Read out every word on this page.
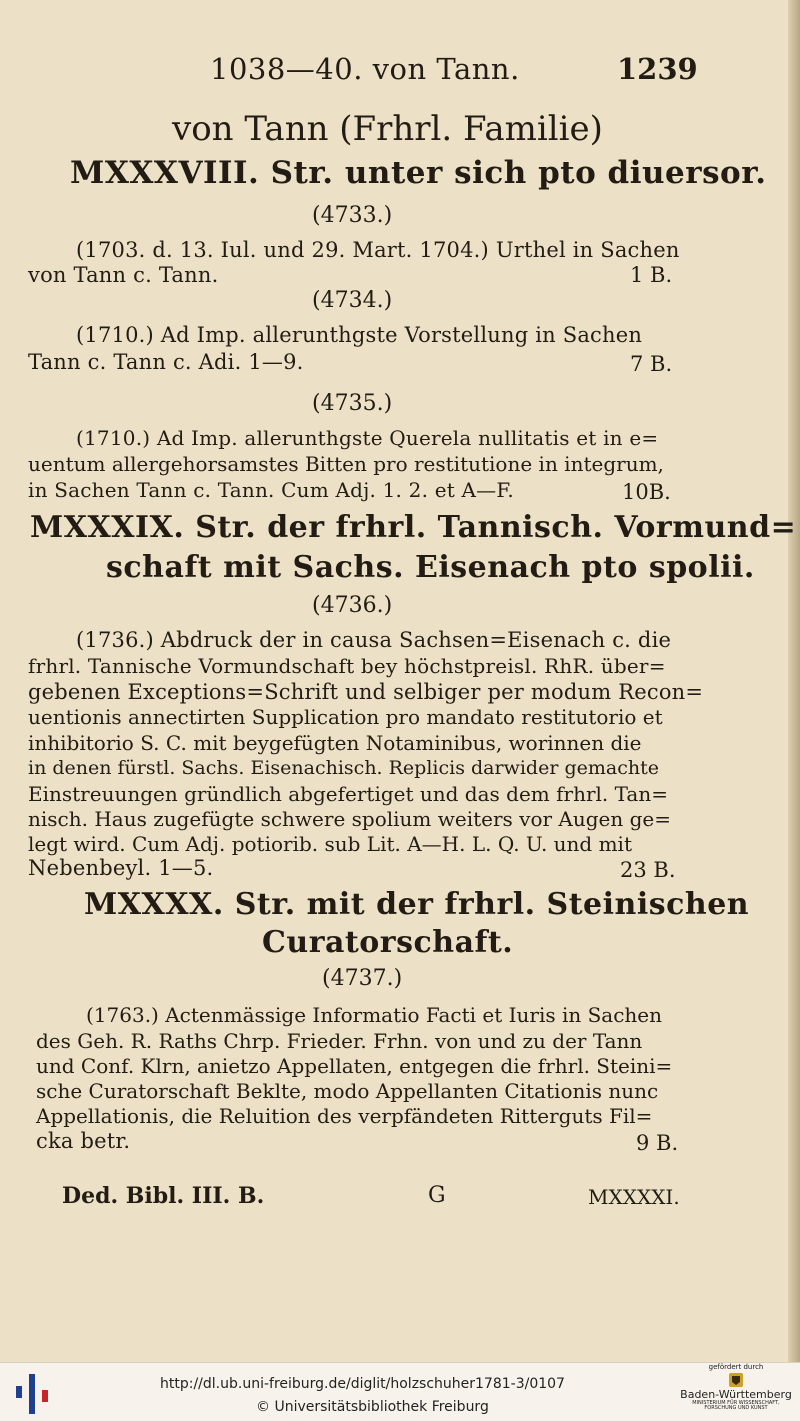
1038—40. von Tann.	1239
von Tann (Frhrl. Familie)
MXXXVIII. Str. unter sich pto diuersor.
(4733.)
(1703. d. 13. Iul. und 29. Mart. 1704.) Urthel in Sachen
von Tann c. Tann.	1 B.
(4734.)
(1710.) Ad Imp. allerunthgste Vorstellung in Sachen
Tann c. Tann c. Adi. 1—9.	7 B.
(4735.)
(1710.) Ad Imp. allerunthgste Querela nullitatis et in e=
uentum allergehorsamstes Bitten pro restitutione in integrum,
in Sachen Tann c. Tann. Cum Adj. 1. 2. et A—F.	10B.
MXXXIX. Str. der frhrl. Tannisch. Vormund=
schaft mit Sachs. Eisenach pto spolii.
(4736.)
(1736.) Abdruck der in causa Sachsen=Eisenach c. die
frhrl. Tannische Vormundschaft bey höchstpreisl. RhR. über=
gebenen Exceptions=Schrift und selbiger per modum Recon=
uentionis annectirten Supplication pro mandato restitutorio et
inhibitorio S. C. mit beygefügten Notaminibus, worinnen die
in denen fürstl. Sachs. Eisenachisch. Replicis darwider gemachte
Einstreuungen gründlich abgefertiget und das dem frhrl. Tan=
nisch. Haus zugefügte schwere spolium weiters vor Augen ge=
legt wird. Cum Adj. potiorib. sub Lit. A—H. L. Q. U. und mit
Nebenbeyl. 1—5.	23 B.
MXXXX. Str. mit der frhrl. Steinischen
Curatorschaft.
(4737.)
(1763.) Actenmässige Informatio Facti et Iuris in Sachen
des Geh. R. Raths Chrp. Frieder. Frhn. von und zu der Tann
und Conf. Klrn, anietzo Appellaten, entgegen die frhrl. Steini=
sche Curatorschaft Beklte, modo Appellanten Citationis nunc
Appellationis, die Reluition des verpfändeten Ritterguts Fil=
cka betr.	9 B.
Ded. Bibl. III. B.	G	MXXXXI.
http://dl.ub.uni-freiburg.de/diglit/holzschuher1781-3/0107
© Universitätsbibliothek Freiburg
gefördert durch
Baden-Württemberg
MINISTERIUM FÜR WISSENSCHAFT, FORSCHUNG UND KUNST
